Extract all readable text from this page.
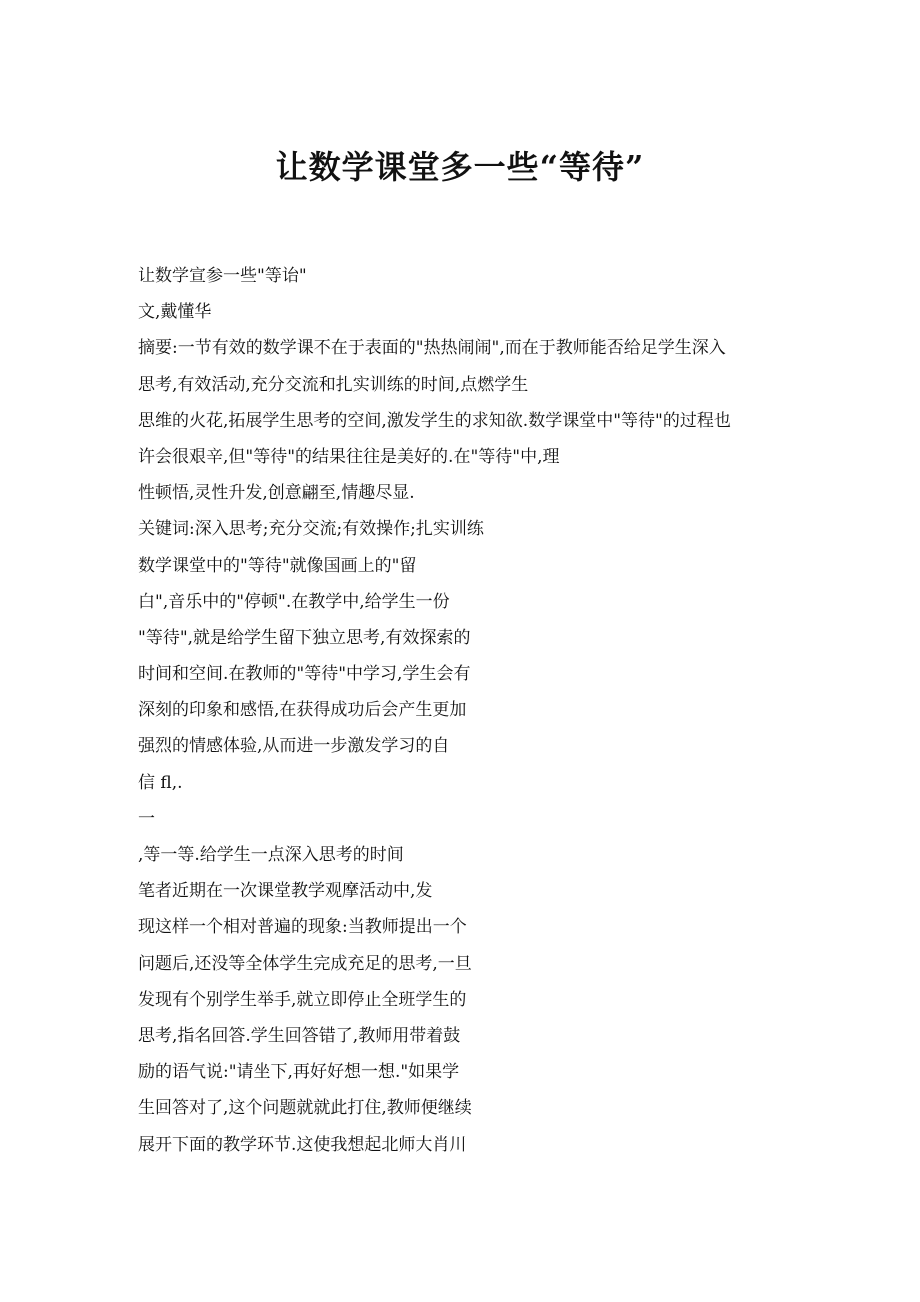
让数学课堂多一些“等待”
让数学宣参一些"等诒"
文,戴懂华
摘要:一节有效的数学课不在于表面的"热热闹闹",而在于教师能否给足学生深入
思考,有效活动,充分交流和扎实训练的时间,点燃学生
思维的火花,拓展学生思考的空间,激发学生的求知欲.数学课堂中"等待"的过程也
许会很艰辛,但"等待"的结果往往是美好的.在"等待"中,理
性顿悟,灵性升发,创意翩至,情趣尽显.
关键词:深入思考;充分交流;有效操作;扎实训练
数学课堂中的"等待"就像国画上的"留
白",音乐中的"停顿".在教学中,给学生一份
"等待",就是给学生留下独立思考,有效探索的
时间和空间.在教师的"等待"中学习,学生会有
深刻的印象和感悟,在获得成功后会产生更加
强烈的情感体验,从而进一步激发学习的自
信 fl,.
一
,等一等.给学生一点深入思考的时间
笔者近期在一次课堂教学观摩活动中,发
现这样一个相对普遍的现象:当教师提出一个
问题后,还没等全体学生完成充足的思考,一旦
发现有个别学生举手,就立即停止全班学生的
思考,指名回答.学生回答错了,教师用带着鼓
励的语气说:"请坐下,再好好想一想."如果学
生回答对了,这个问题就就此打住,教师便继续
展开下面的教学环节.这使我想起北师大肖川
